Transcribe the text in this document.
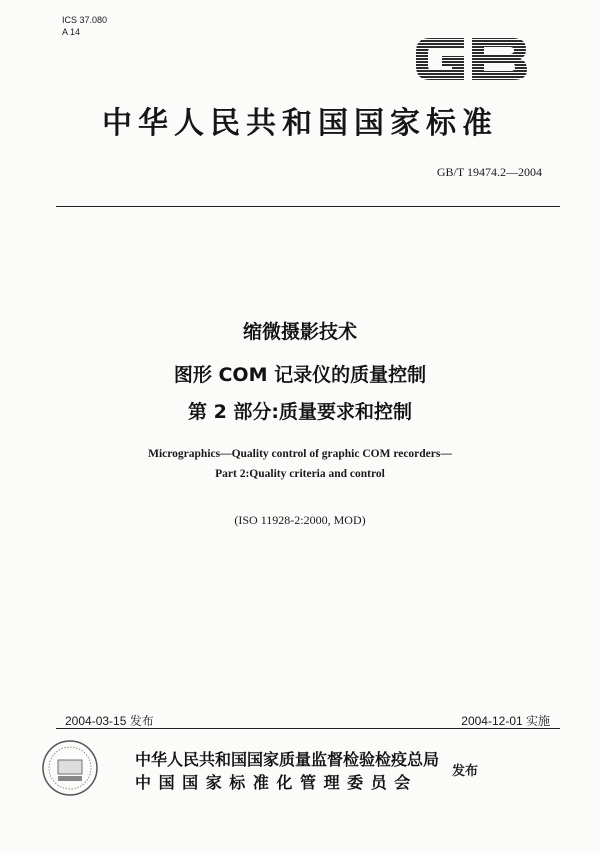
ICS 37.080
A 14
中华人民共和国国家标准
GB/T 19474.2—2004
缩微摄影技术
图形 COM 记录仪的质量控制
第 2 部分:质量要求和控制
Micrographics—Quality control of graphic COM recorders—
Part 2:Quality criteria and control
(ISO 11928-2:2000, MOD)
2004-03-15 发布	2004-12-01 实施
中华人民共和国国家质量监督检验检疫总局
中 国 国 家 标 准 化 管 理 委 员 会
发布
